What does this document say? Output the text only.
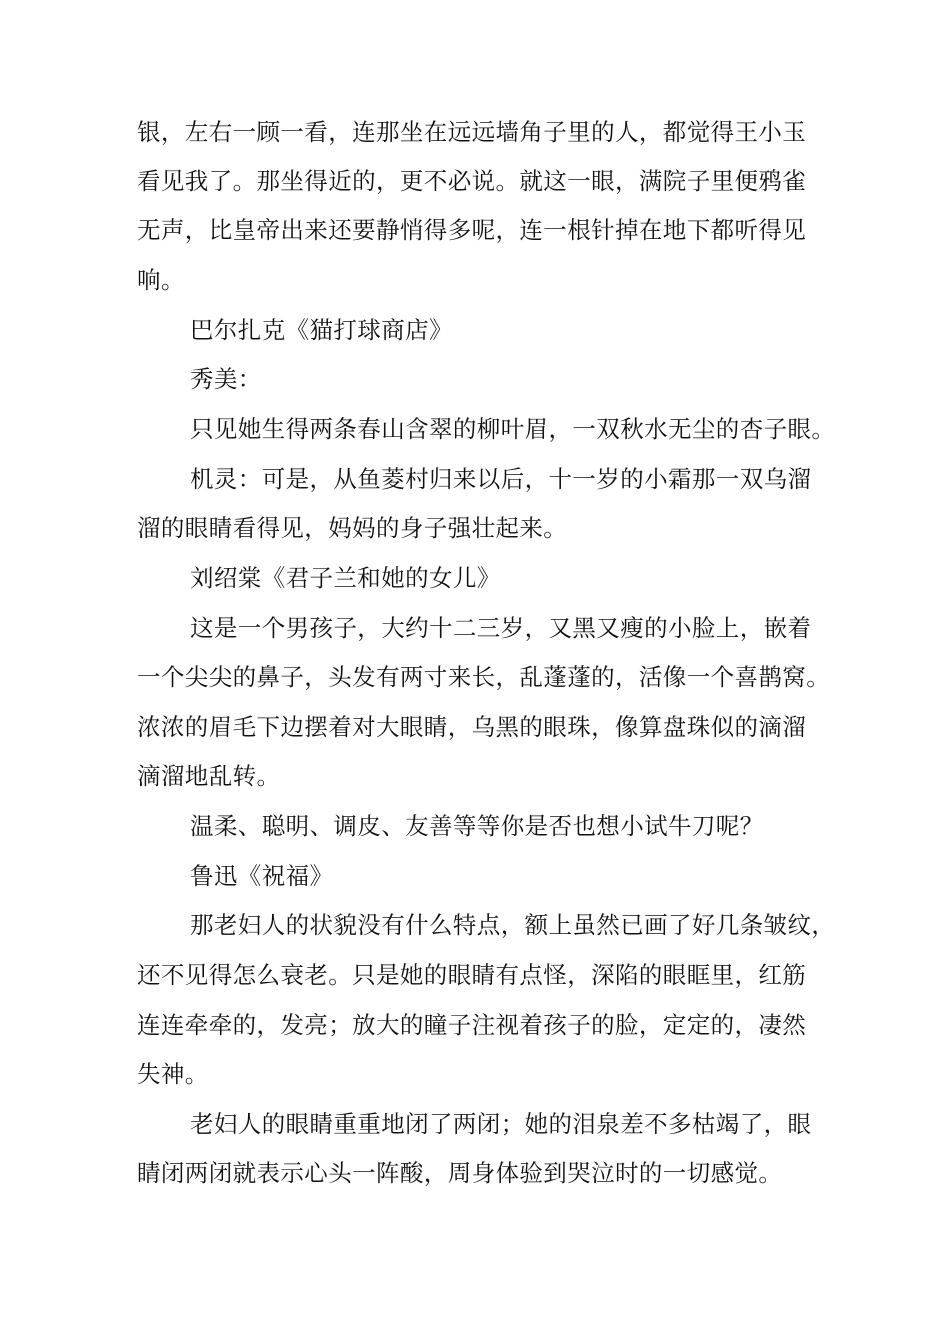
银，左右一顾一看，连那坐在远远墙角子里的人，都觉得王小玉
看见我了。那坐得近的，更不必说。就这一眼，满院子里便鸦雀
无声，比皇帝出来还要静悄得多呢，连一根针掉在地下都听得见
响。
巴尔扎克《猫打球商店》
秀美：
只见她生得两条春山含翠的柳叶眉，一双秋水无尘的杏子眼。
机灵：可是，从鱼菱村归来以后，十一岁的小霜那一双乌溜
溜的眼睛看得见，妈妈的身子强壮起来。
刘绍棠《君子兰和她的女儿》
这是一个男孩子，大约十二三岁，又黑又瘦的小脸上，嵌着
一个尖尖的鼻子，头发有两寸来长，乱蓬蓬的，活像一个喜鹊窝。
浓浓的眉毛下边摆着对大眼睛，乌黑的眼珠，像算盘珠似的滴溜
滴溜地乱转。
温柔、聪明、调皮、友善等等你是否也想小试牛刀呢？
鲁迅《祝福》
那老妇人的状貌没有什么特点，额上虽然已画了好几条皱纹，
还不见得怎么衰老。只是她的眼睛有点怪，深陷的眼眶里，红筋
连连牵牵的，发亮；放大的瞳子注视着孩子的脸，定定的，凄然
失神。
老妇人的眼睛重重地闭了两闭；她的泪泉差不多枯竭了，眼
睛闭两闭就表示心头一阵酸，周身体验到哭泣时的一切感觉。
